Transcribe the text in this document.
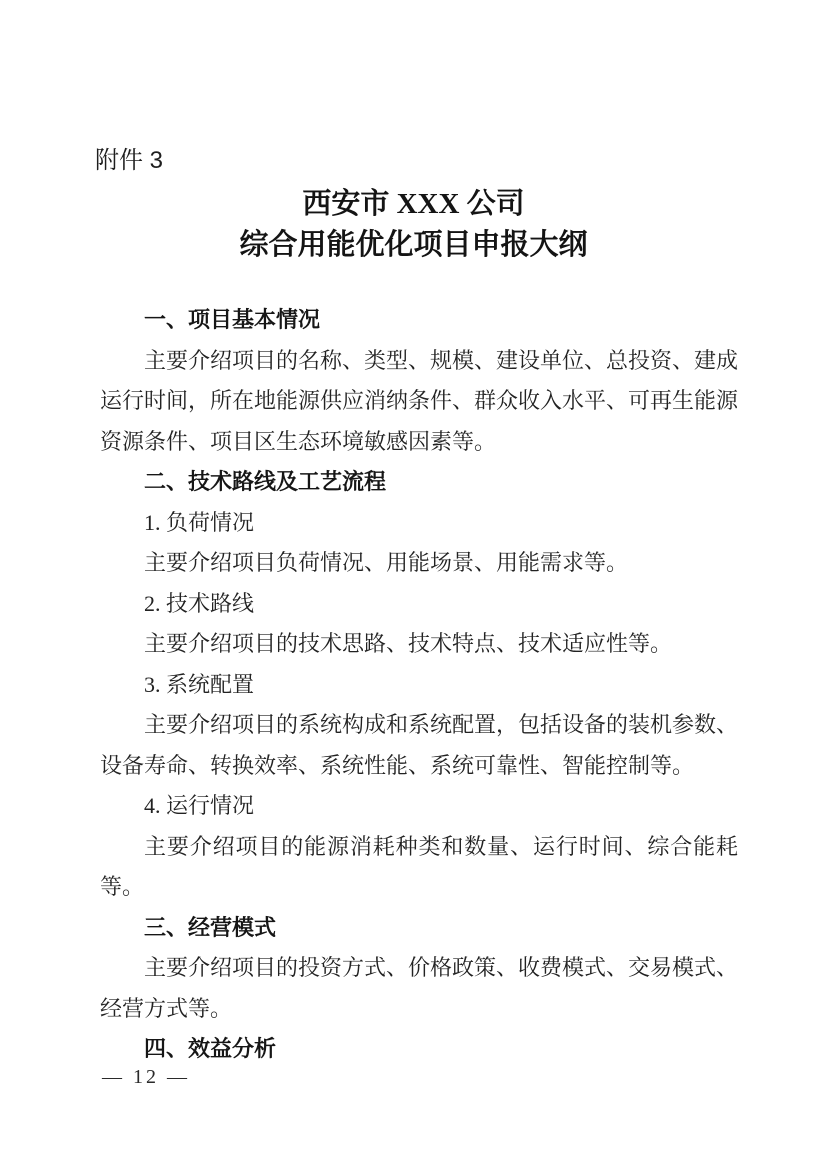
附件 3
西安市 XXX 公司
综合用能优化项目申报大纲
一、项目基本情况
主要介绍项目的名称、类型、规模、建设单位、总投资、建成运行时间，所在地能源供应消纳条件、群众收入水平、可再生能源资源条件、项目区生态环境敏感因素等。
二、技术路线及工艺流程
1. 负荷情况
主要介绍项目负荷情况、用能场景、用能需求等。
2. 技术路线
主要介绍项目的技术思路、技术特点、技术适应性等。
3. 系统配置
主要介绍项目的系统构成和系统配置，包括设备的装机参数、设备寿命、转换效率、系统性能、系统可靠性、智能控制等。
4. 运行情况
主要介绍项目的能源消耗种类和数量、运行时间、综合能耗等。
三、经营模式
主要介绍项目的投资方式、价格政策、收费模式、交易模式、经营方式等。
四、效益分析
— 12 —
